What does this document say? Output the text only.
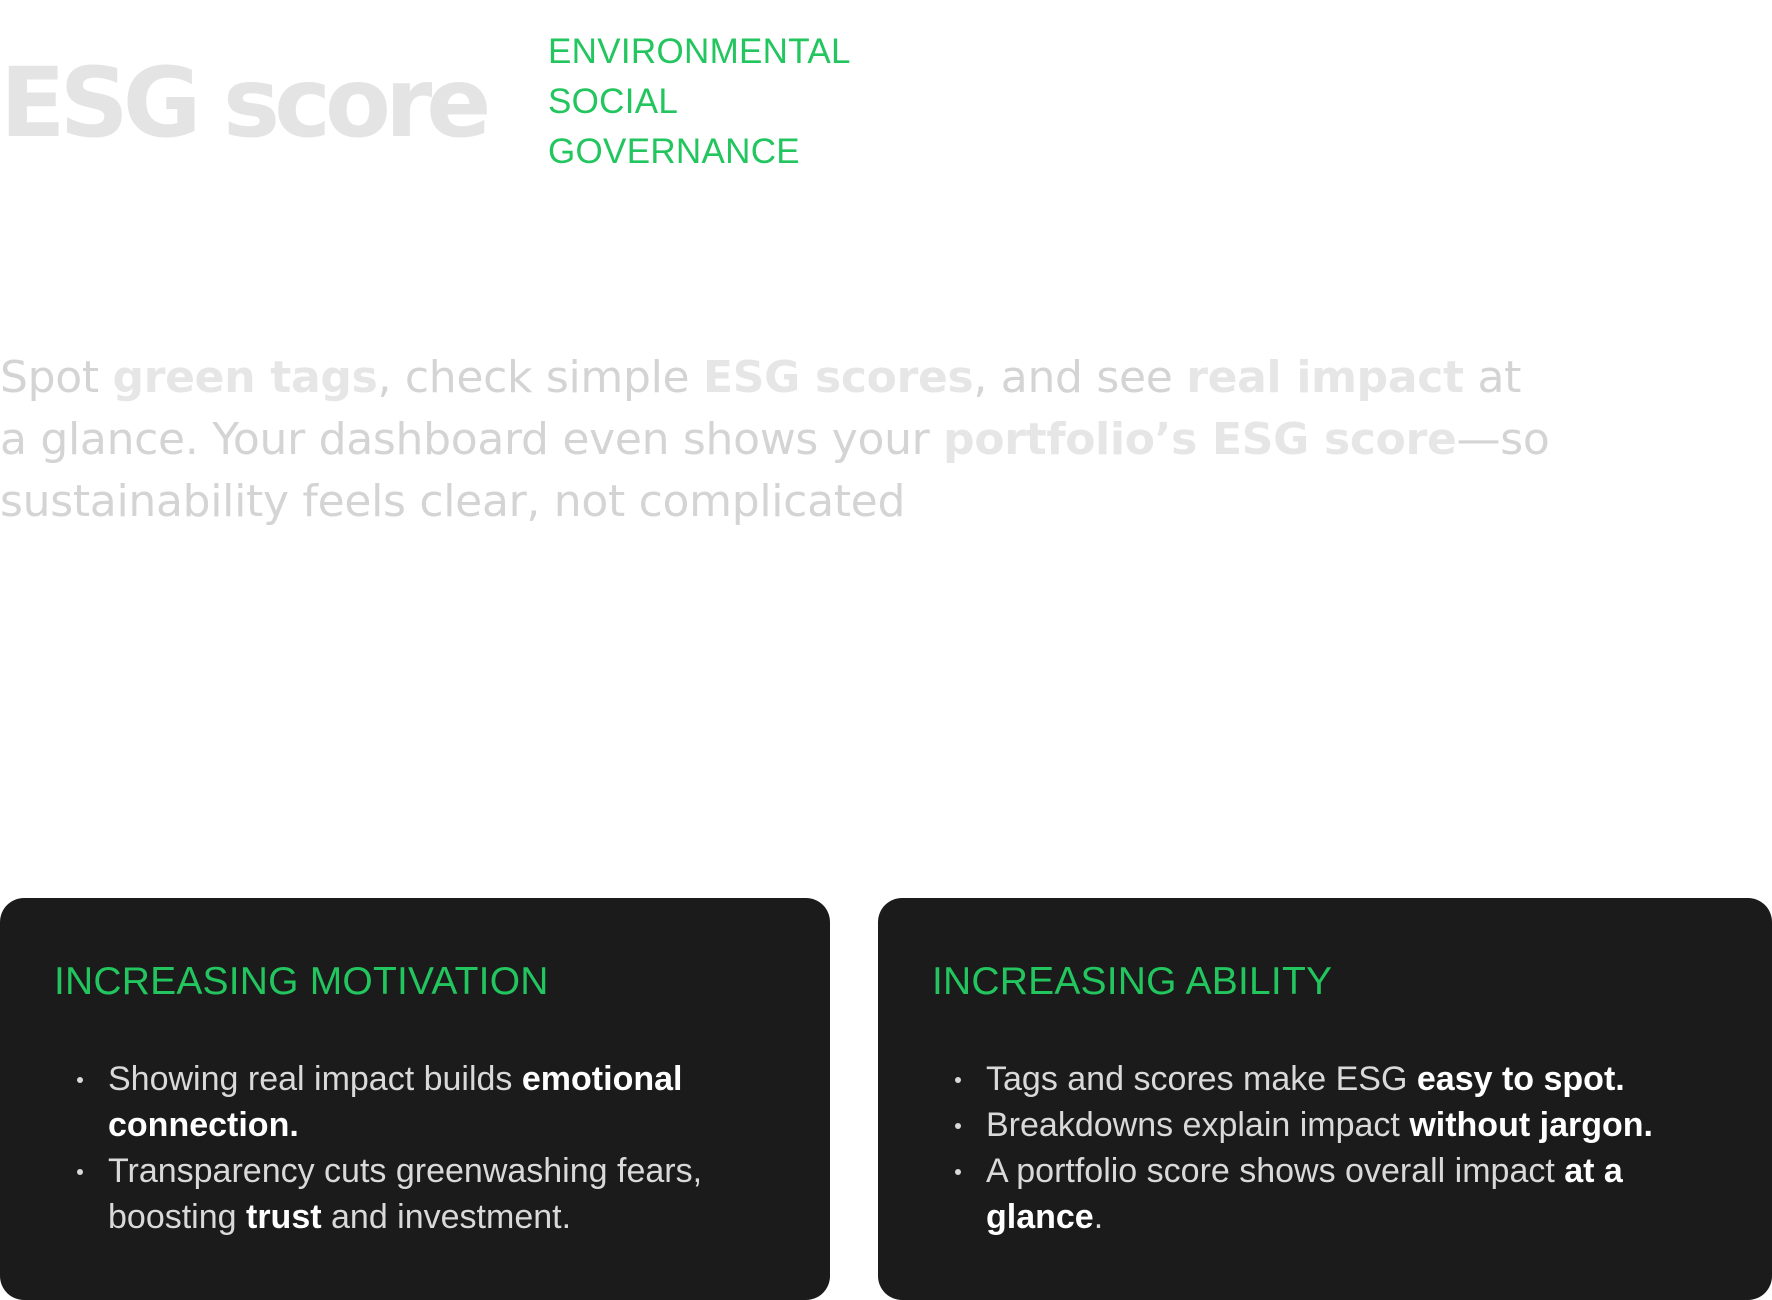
ESG score ENVIRONMENTAL
SOCIAL
GOVERNANCE

Spot green tags, check simple ESG scores, and see real impact at a glance. Your dashboard even shows your portfolio’s ESG score—so sustainability feels clear, not complicated

INCREASING MOTIVATION
Showing real impact builds emotional connection.
Transparency cuts greenwashing fears, boosting trust and investment.
INCREASING ABILITY
Tags and scores make ESG easy to spot.
Breakdowns explain impact without jargon.
A portfolio score shows overall impact at a glance.
